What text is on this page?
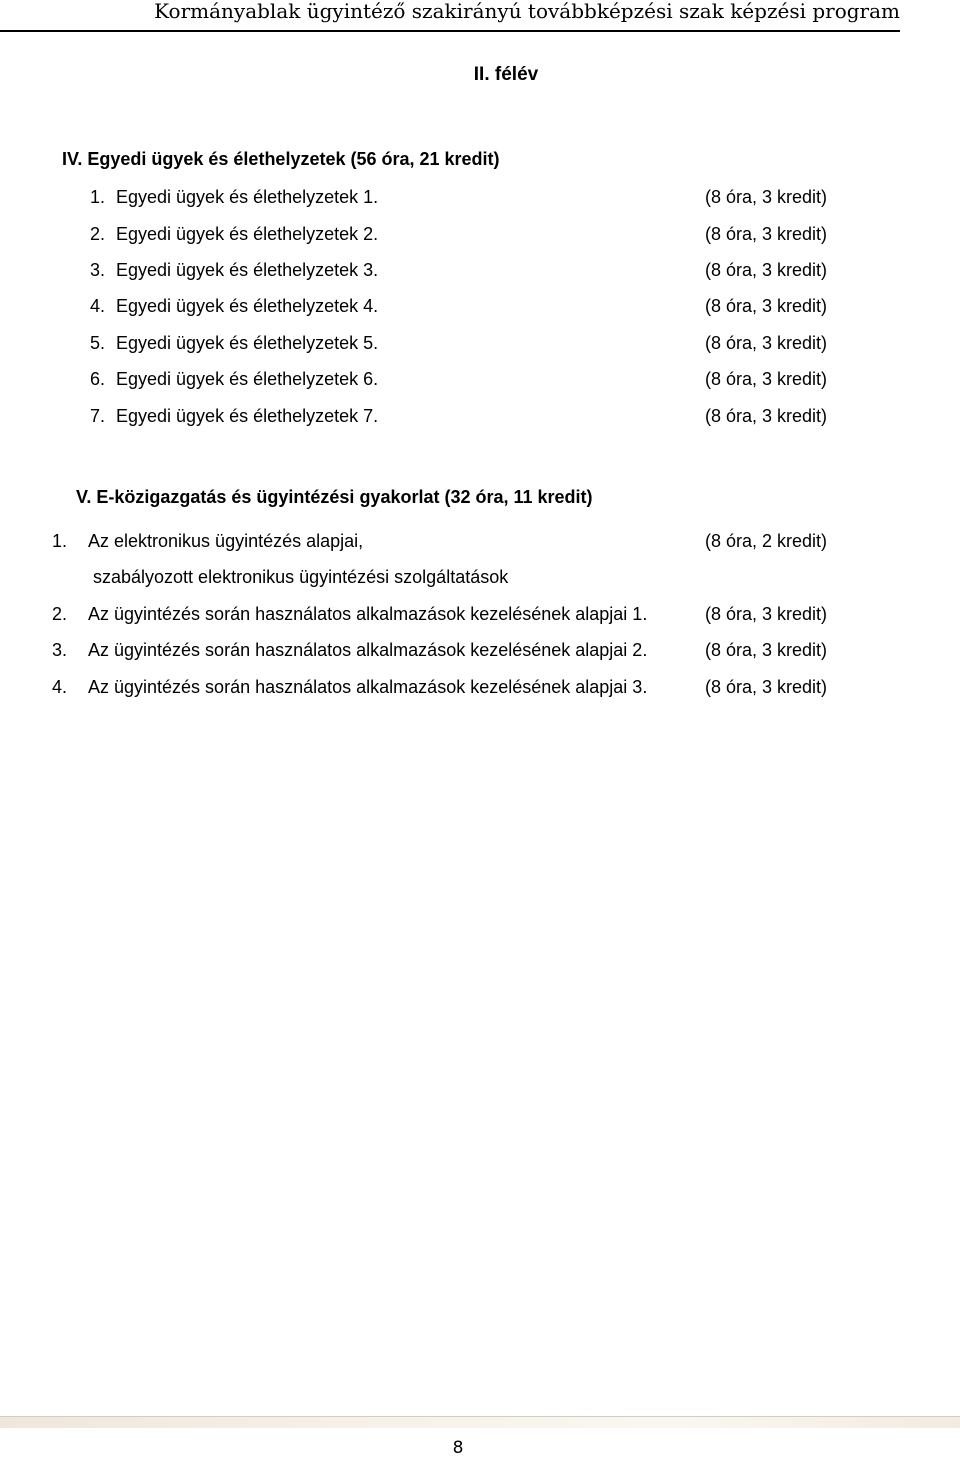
Kormányablak ügyintéző szakirányú továbbképzési szak képzési program
II. félév
IV. Egyedi ügyek és élethelyzetek (56 óra, 21 kredit)
1. Egyedi ügyek és élethelyzetek 1.	(8 óra, 3 kredit)
2. Egyedi ügyek és élethelyzetek 2.	(8 óra, 3 kredit)
3. Egyedi ügyek és élethelyzetek 3.	(8 óra, 3 kredit)
4. Egyedi ügyek és élethelyzetek 4.	(8 óra, 3 kredit)
5. Egyedi ügyek és élethelyzetek 5.	(8 óra, 3 kredit)
6. Egyedi ügyek és élethelyzetek 6.	(8 óra, 3 kredit)
7. Egyedi ügyek és élethelyzetek 7.	(8 óra, 3 kredit)
V. E-közigazgatás és ügyintézési gyakorlat (32 óra, 11 kredit)
1. Az elektronikus ügyintézés alapjai,	(8 óra, 2 kredit)
szabályozott elektronikus ügyintézési szolgáltatások
2. Az ügyintézés során használatos alkalmazások kezelésének alapjai 1.	(8 óra, 3 kredit)
3. Az ügyintézés során használatos alkalmazások kezelésének alapjai 2.	(8 óra, 3 kredit)
4. Az ügyintézés során használatos alkalmazások kezelésének alapjai 3.	(8 óra, 3 kredit)
8
